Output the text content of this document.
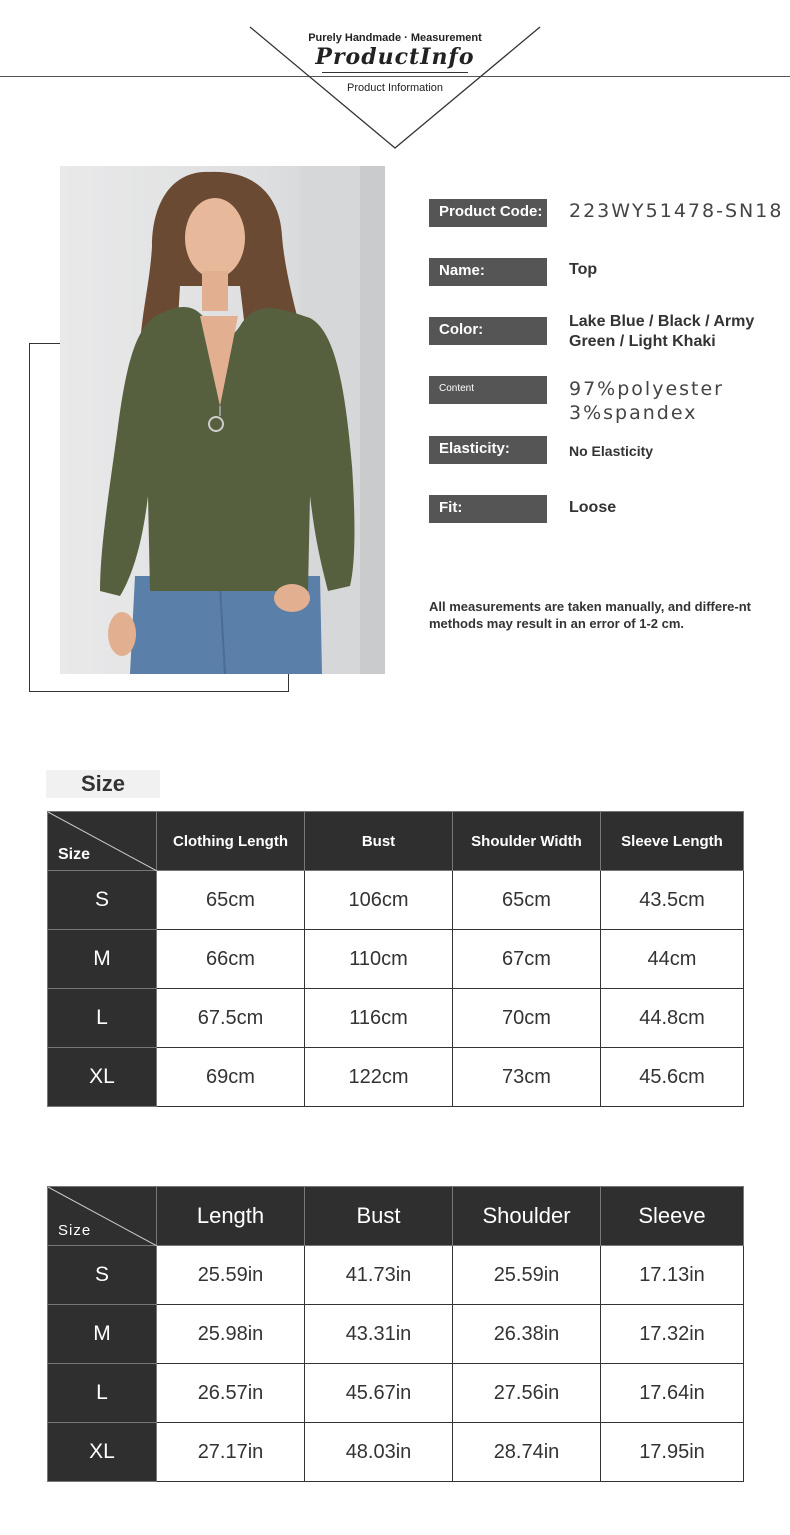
Purely Handmade · Measurement
ProductInfo
Product Information
Product Code: 223WY51478-SN18
Name:	Top
Color:	Lake Blue / Black / Army Green / Light Khaki
Content	97%polyester 3%spandex
Elasticity:	No Elasticity
Fit:	Loose
All measurements are taken manually, and differe-nt methods may result in an error of 1-2 cm.
Size
Size	Clothing Length	Bust	Shoulder Width	Sleeve Length
S	65cm	106cm	65cm	43.5cm
M	66cm	110cm	67cm	44cm
L	67.5cm	116cm	70cm	44.8cm
XL	69cm	122cm	73cm	45.6cm
Size	Length	Bust	Shoulder	Sleeve
S	25.59in	41.73in	25.59in	17.13in
M	25.98in	43.31in	26.38in	17.32in
L	26.57in	45.67in	27.56in	17.64in
XL	27.17in	48.03in	28.74in	17.95in
